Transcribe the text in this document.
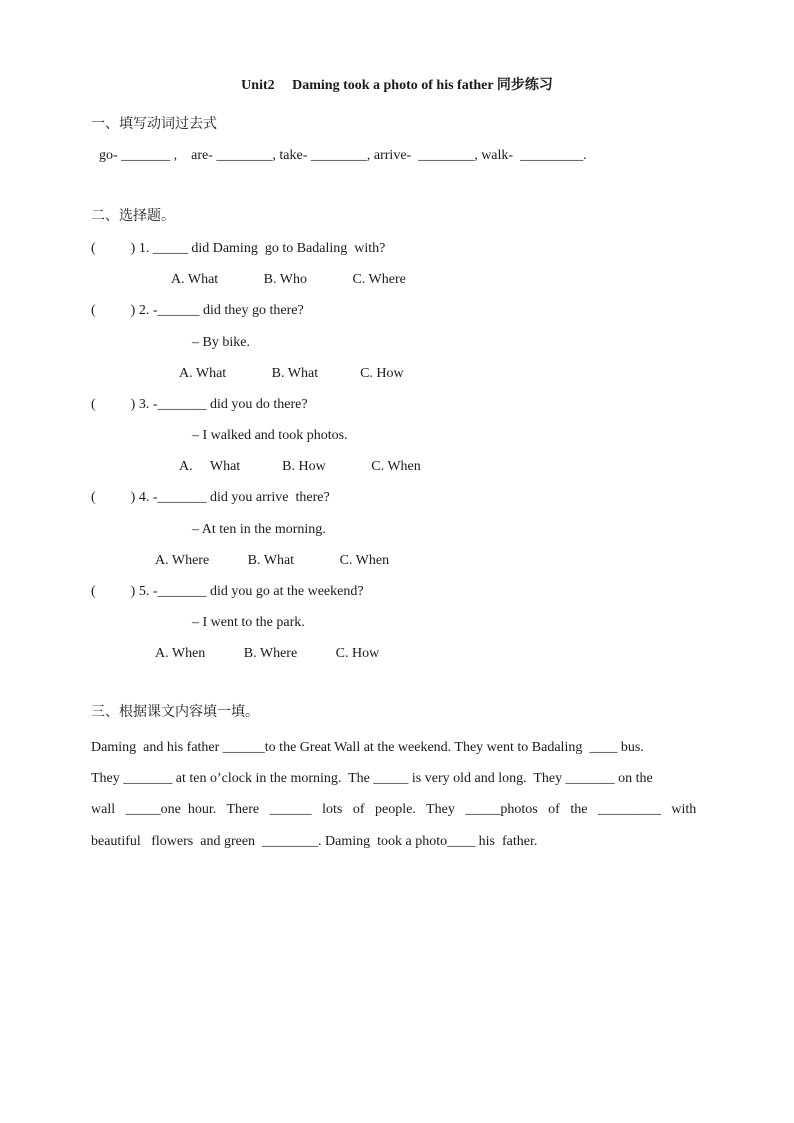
Unit2     Daming took a photo of his father 同步练习
一、填写动词过去式
go- _______ ,    are- ________, take- ________, arrive-  ________, walk-  _________.
二、选择题。
(          ) 1. _____ did Daming  go to Badaling  with?
A. What             B. Who             C. Where
(          ) 2. -______ did they go there?
– By bike.
A. What             B. What            C. How
(          ) 3. -_______ did you do there?
– I walked and took photos.
A.     What            B. How             C. When
(          ) 4. -_______ did you arrive  there?
– At ten in the morning.
A. Where           B. What             C. When
(          ) 5. -_______ did you go at the weekend?
– I went to the park.
A. When           B. Where           C. How
三、根据课文内容填一填。
Daming  and his father ______to the Great Wall at the weekend. They went to Badaling  ____ bus.
They _______ at ten o’clock in the morning.  The _____ is very old and long.  They _______ on the
wall   _____one  hour.   There   ______   lots   of   people.   They   _____photos   of   the   _________   with
beautiful   flowers  and green  ________. Daming  took a photo____ his  father.
